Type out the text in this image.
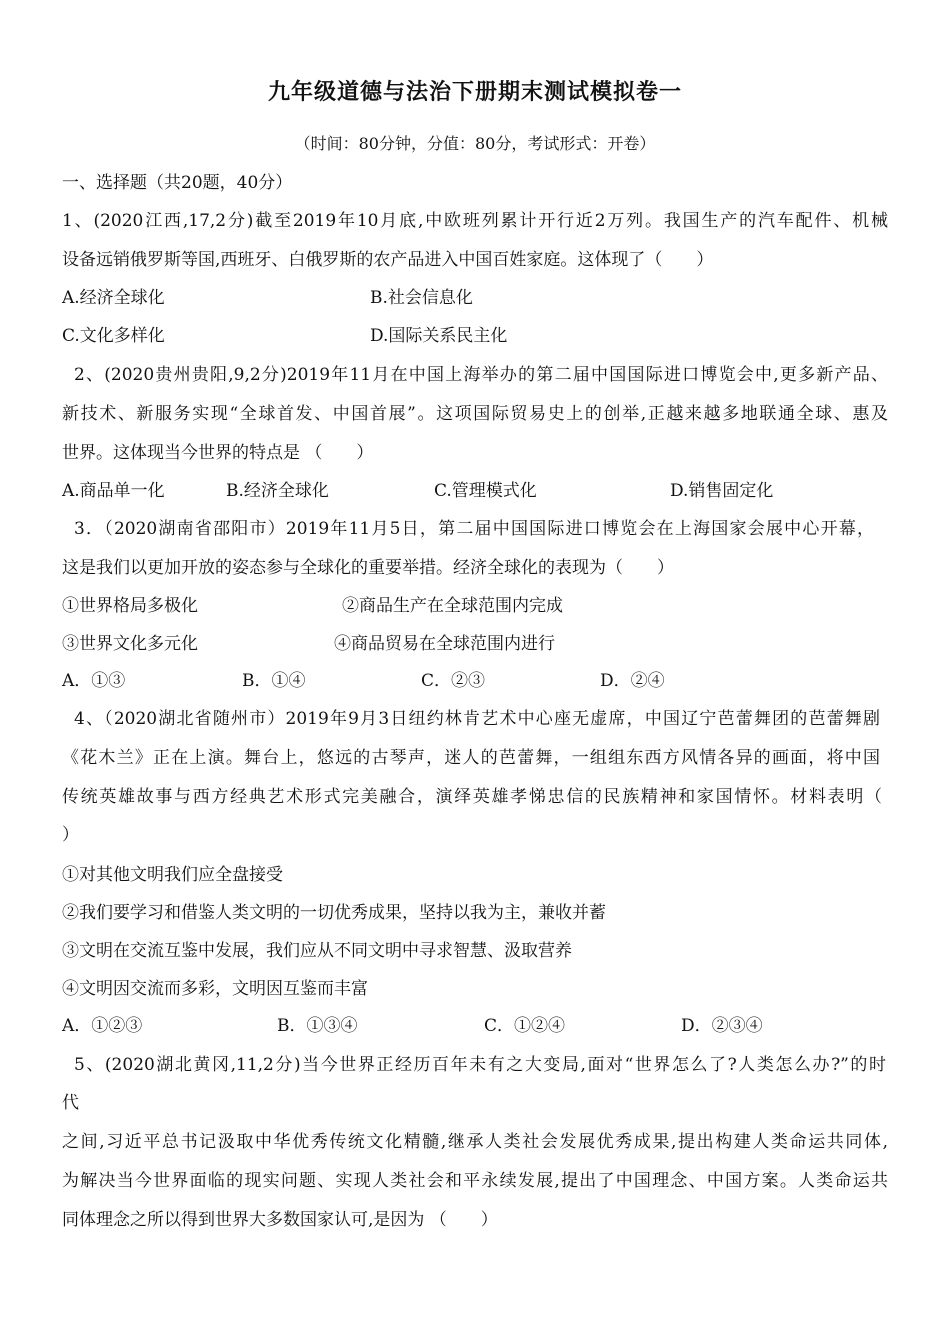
九年级道德与法治下册期末测试模拟卷一
（时间：80分钟，分值：80分，考试形式：开卷）
一、选择题（共20题，40分）
1、(2020江西,17,2分)截至2019年10月底,中欧班列累计开行近2万列。我国生产的汽车配件、机械
设备远销俄罗斯等国,西班牙、白俄罗斯的农产品进入中国百姓家庭。这体现了（　　）
A.经济全球化	B.社会信息化
C.文化多样化	D.国际关系民主化
2、(2020贵州贵阳,9,2分)2019年11月在中国上海举办的第二届中国国际进口博览会中,更多新产品、
新技术、新服务实现“全球首发、中国首展”。这项国际贸易史上的创举,正越来越多地联通全球、惠及
世界。这体现当今世界的特点是 （　　）
A.商品单一化	B.经济全球化	C.管理模式化	D.销售固定化
3．（2020湖南省邵阳市）2019年11月5日，第二届中国国际进口博览会在上海国家会展中心开幕，
这是我们以更加开放的姿态参与全球化的重要举措。经济全球化的表现为（　　）
①世界格局多极化	②商品生产在全球范围内完成
③世界文化多元化	④商品贸易在全球范围内进行
A．①③	B．①④	C．②③	D．②④
4、（2020湖北省随州市）2019年9月3日纽约林肯艺术中心座无虚席，中国辽宁芭蕾舞团的芭蕾舞剧
《花木兰》正在上演。舞台上，悠远的古琴声，迷人的芭蕾舞，一组组东西方风情各异的画面，将中国
传统英雄故事与西方经典艺术形式完美融合，演绎英雄孝悌忠信的民族精神和家国情怀。材料表明（
）
①对其他文明我们应全盘接受
②我们要学习和借鉴人类文明的一切优秀成果，坚持以我为主，兼收并蓄
③文明在交流互鉴中发展，我们应从不同文明中寻求智慧、汲取营养
④文明因交流而多彩，文明因互鉴而丰富
A．①②③	B．①③④	C．①②④	D．②③④
5、(2020湖北黄冈,11,2分)当今世界正经历百年未有之大变局,面对“世界怎么了?人类怎么办?”的时
代
之间,习近平总书记汲取中华优秀传统文化精髓,继承人类社会发展优秀成果,提出构建人类命运共同体,
为解决当今世界面临的现实问题、实现人类社会和平永续发展,提出了中国理念、中国方案。人类命运共
同体理念之所以得到世界大多数国家认可,是因为 （　　）
